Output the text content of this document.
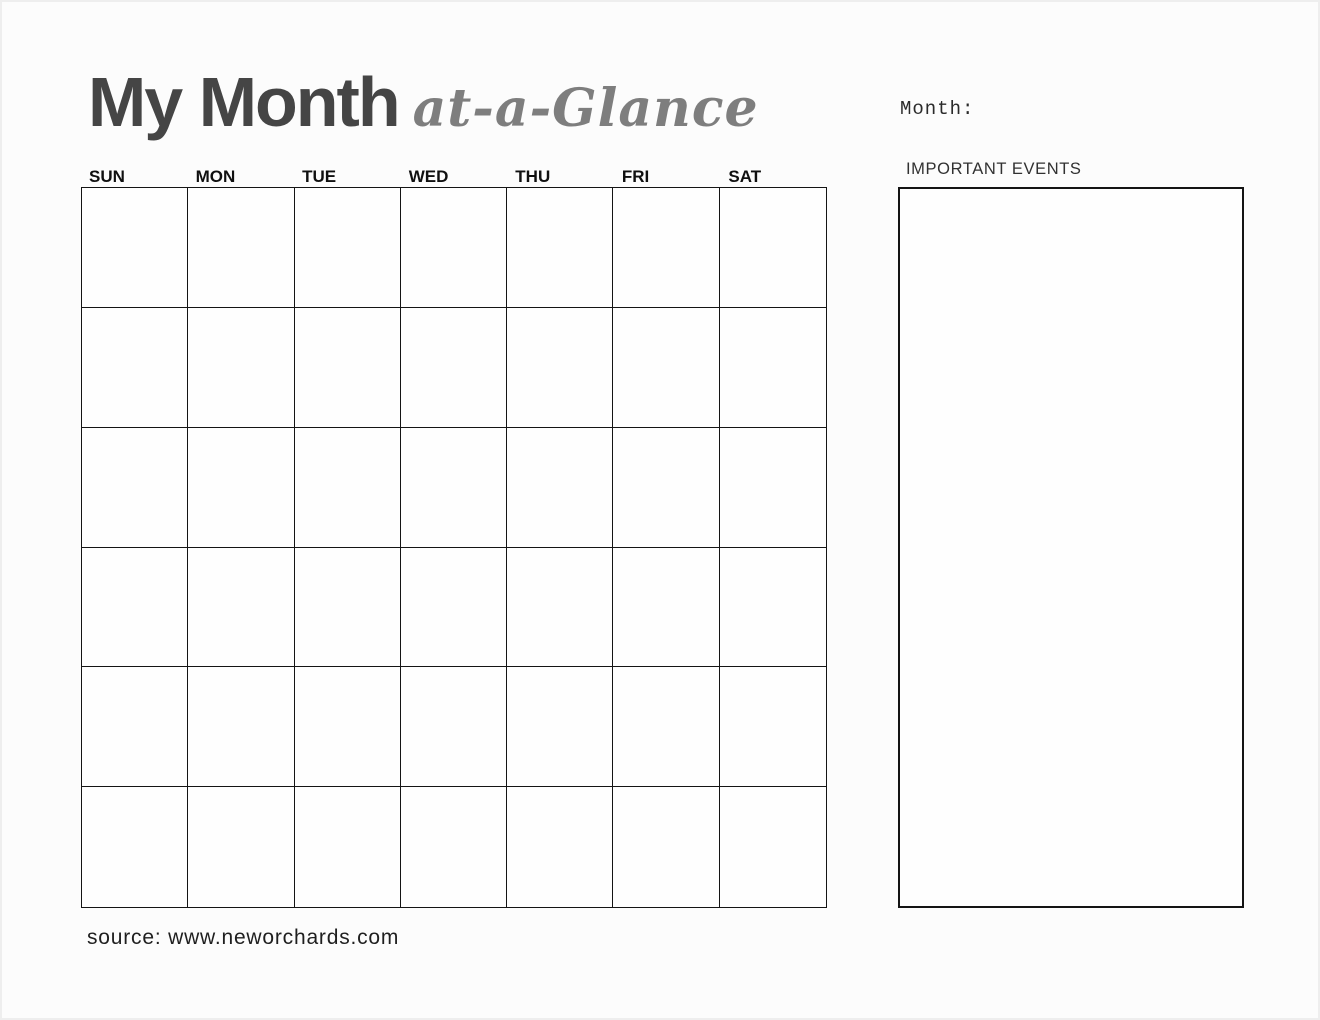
My Month at-a-Glance	Month:
SUN	MON	TUE	WED	THU	FRI	SAT	IMPORTANT EVENTS
source: www.neworchards.com
